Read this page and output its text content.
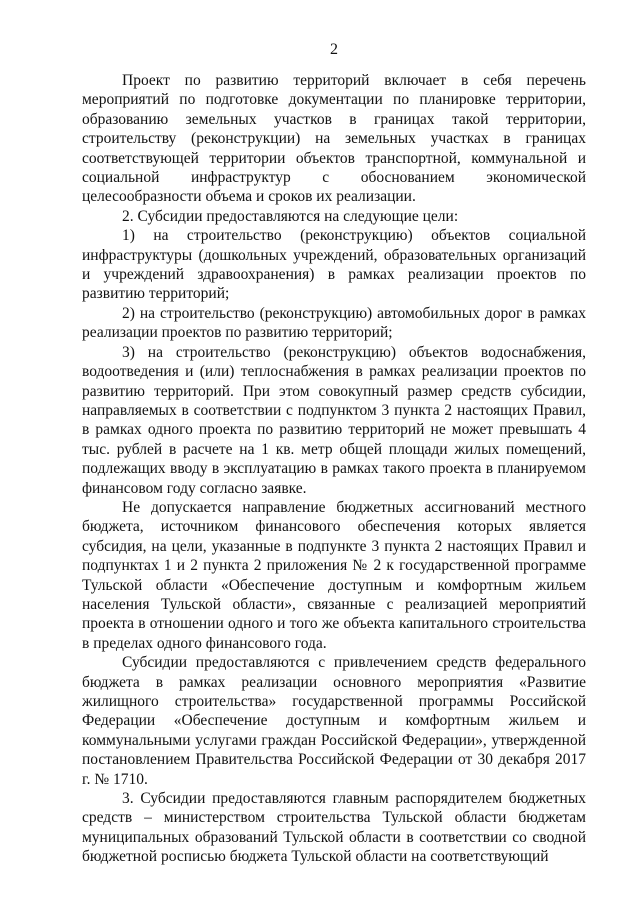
2

Проект по развитию территорий включает в себя перечень мероприятий по подготовке документации по планировке территории, образованию земельных участков в границах такой территории, строительству (реконструкции) на земельных участках в границах соответствующей территории объектов транспортной, коммунальной и социальной инфраструктур с обоснованием экономической целесообразности объема и сроков их реализации.

2. Субсидии предоставляются на следующие цели:

1) на строительство (реконструкцию) объектов социальной инфраструктуры (дошкольных учреждений, образовательных организаций и учреждений здравоохранения) в рамках реализации проектов по развитию территорий;

2) на строительство (реконструкцию) автомобильных дорог в рамках реализации проектов по развитию территорий;

3) на строительство (реконструкцию) объектов водоснабжения, водоотведения и (или) теплоснабжения в рамках реализации проектов по развитию территорий. При этом совокупный размер средств субсидии, направляемых в соответствии с подпунктом 3 пункта 2 настоящих Правил, в рамках одного проекта по развитию территорий не может превышать 4 тыс. рублей в расчете на 1 кв. метр общей площади жилых помещений, подлежащих вводу в эксплуатацию в рамках такого проекта в планируемом финансовом году согласно заявке.

Не допускается направление бюджетных ассигнований местного бюджета, источником финансового обеспечения которых является субсидия, на цели, указанные в подпункте 3 пункта 2 настоящих Правил и подпунктах 1 и 2 пункта 2 приложения № 2 к государственной программе Тульской области «Обеспечение доступным и комфортным жильем населения Тульской области», связанные с реализацией мероприятий проекта в отношении одного и того же объекта капитального строительства в пределах одного финансового года.

Субсидии предоставляются с привлечением средств федерального бюджета в рамках реализации основного мероприятия «Развитие жилищного строительства» государственной программы Российской Федерации «Обеспечение доступным и комфортным жильем и коммунальными услугами граждан Российской Федерации», утвержденной постановлением Правительства Российской Федерации от 30 декабря 2017 г. № 1710.

3. Субсидии предоставляются главным распорядителем бюджетных средств – министерством строительства Тульской области бюджетам муниципальных образований Тульской области в соответствии со сводной бюджетной росписью бюджета Тульской области на соответствующий
